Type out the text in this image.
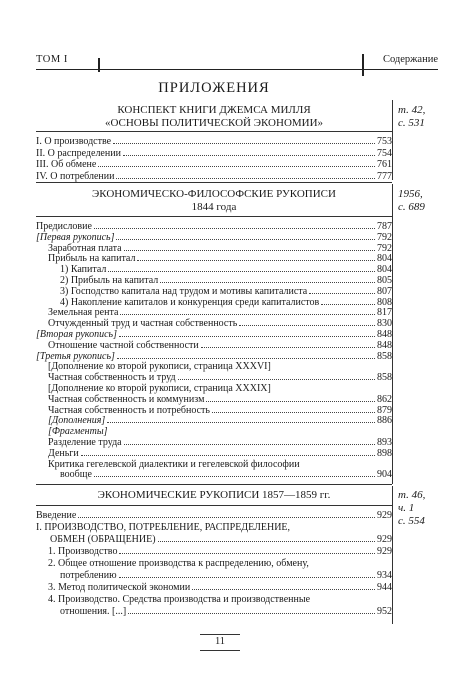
ТОМ I	Содержание
ПРИЛОЖЕНИЯ
КОНСПЕКТ КНИГИ ДЖЕМСА МИЛЛЯ
«ОСНОВЫ ПОЛИТИЧЕСКОЙ ЭКОНОМИИ»
т. 42,
с. 531
I. О производстве	753
II. О распределении	754
III. Об обмене	761
IV. О потреблении	777
ЭКОНОМИЧЕСКО-ФИЛОСОФСКИЕ РУКОПИСИ
1844 года
1956,
с. 689
Предисловие	787
[Первая рукопись]	792
Заработная плата	792
Прибыль на капитал	804
1) Капитал	804
2) Прибыль на капитал	805
3) Господство капитала над трудом и мотивы капиталиста	807
4) Накопление капиталов и конкуренция среди капиталистов	808
Земельная рента	817
Отчужденный труд и частная собственность	830
[Вторая рукопись]	848
Отношение частной собственности	848
[Третья рукопись]	858
[Дополнение ко второй рукописи, страница XXXVI]
Частная собственность и труд	858
[Дополнение ко второй рукописи, страница XXXIX]
Частная собственность и коммунизм	862
Частная собственность и потребность	879
[Дополнения]	886
[Фрагменты]
Разделение труда	893
Деньги	898
Критика гегелевской диалектики и гегелевской философии
вообще	904
ЭКОНОМИЧЕСКИЕ РУКОПИСИ 1857—1859 гг.	т. 46,
ч. 1
с. 554
Введение	929
I. ПРОИЗВОДСТВО, ПОТРЕБЛЕНИЕ, РАСПРЕДЕЛЕНИЕ,
ОБМЕН (ОБРАЩЕНИЕ)	929
1. Производство	929
2. Общее отношение производства к распределению, обмену,
потреблению	934
3. Метод политической экономии	944
4. Производство. Средства производства и производственные
отношения. [...]	952
11
